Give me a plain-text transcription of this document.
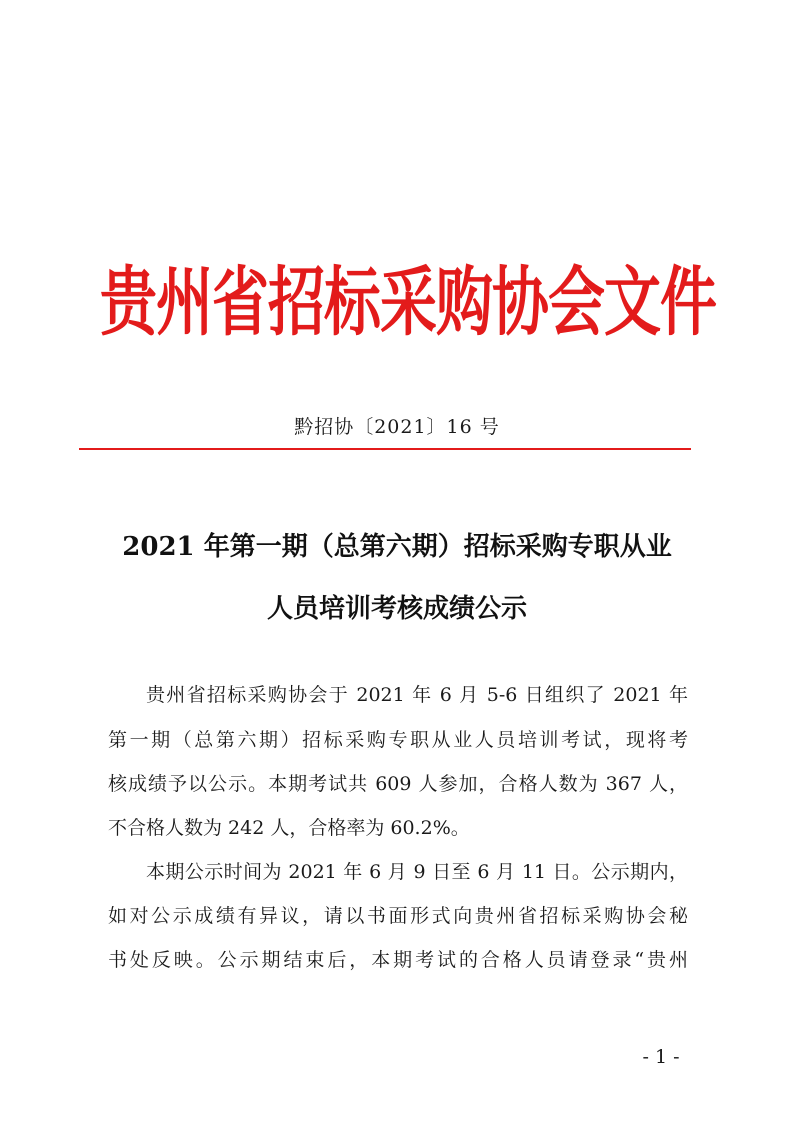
贵州省招标采购协会文件
黔招协〔2021〕16 号
2021 年第一期（总第六期）招标采购专职从业
人员培训考核成绩公示
贵州省招标采购协会于 2021 年 6 月 5-6 日组织了 2021 年
第一期（总第六期）招标采购专职从业人员培训考试，现将考
核成绩予以公示。本期考试共 609 人参加，合格人数为 367 人，
不合格人数为 242 人，合格率为 60.2%。
本期公示时间为 2021 年 6 月 9 日至 6 月 11 日。公示期内，
如对公示成绩有异议，请以书面形式向贵州省招标采购协会秘
书处反映。公示期结束后，本期考试的合格人员请登录“贵州
- 1 -
